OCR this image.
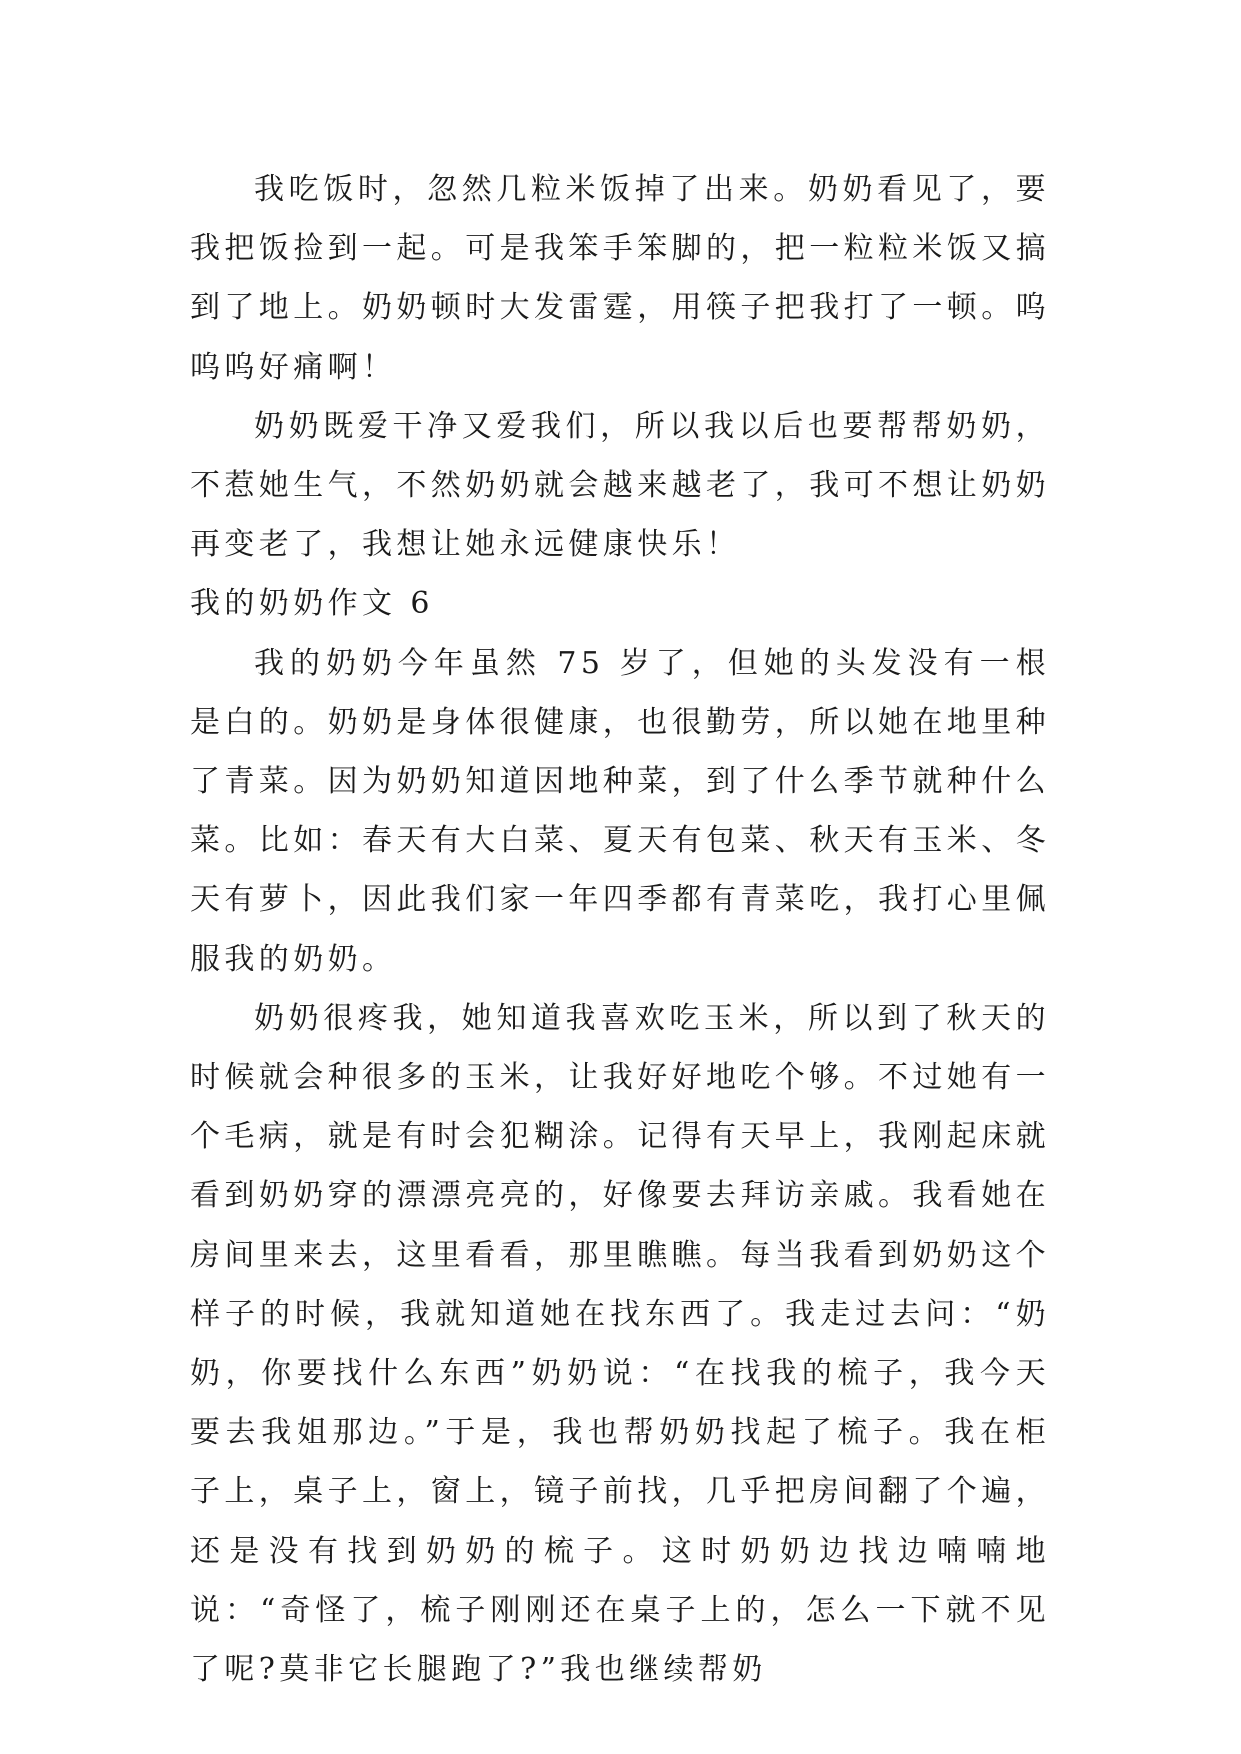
我吃饭时，忽然几粒米饭掉了出来。奶奶看见了，要我把饭捡到一起。可是我笨手笨脚的，把一粒粒米饭又搞到了地上。奶奶顿时大发雷霆，用筷子把我打了一顿。呜呜呜好痛啊！

奶奶既爱干净又爱我们，所以我以后也要帮帮奶奶，不惹她生气，不然奶奶就会越来越老了，我可不想让奶奶再变老了，我想让她永远健康快乐！

我的奶奶作文 6

我的奶奶今年虽然 75 岁了，但她的头发没有一根是白的。奶奶是身体很健康，也很勤劳，所以她在地里种了青菜。因为奶奶知道因地种菜，到了什么季节就种什么菜。比如：春天有大白菜、夏天有包菜、秋天有玉米、冬天有萝卜，因此我们家一年四季都有青菜吃，我打心里佩服我的奶奶。

奶奶很疼我，她知道我喜欢吃玉米，所以到了秋天的时候就会种很多的玉米，让我好好地吃个够。不过她有一个毛病，就是有时会犯糊涂。记得有天早上，我刚起床就看到奶奶穿的漂漂亮亮的，好像要去拜访亲戚。我看她在房间里来去，这里看看，那里瞧瞧。每当我看到奶奶这个样子的时候，我就知道她在找东西了。我走过去问：“奶奶，你要找什么东西”奶奶说：“在找我的梳子，我今天要去我姐那边。”于是，我也帮奶奶找起了梳子。我在柜子上，桌子上，窗上，镜子前找，几乎把房间翻了个遍，还是没有找到奶奶的梳子。这时奶奶边找边喃喃地说：“奇怪了，梳子刚刚还在桌子上的，怎么一下就不见了呢?莫非它长腿跑了?”我也继续帮奶
